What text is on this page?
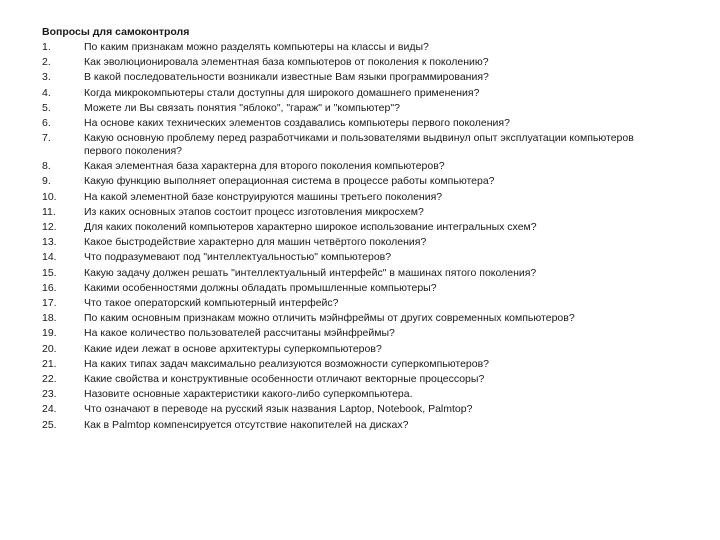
Вопросы для самоконтроля
1.	По каким признакам можно разделять компьютеры на классы и виды?
2.	Как эволюционировала элементная база компьютеров от поколения к поколению?
3.	В какой последовательности возникали известные Вам языки программирования?
4.	Когда микрокомпьютеры стали доступны для широкого домашнего применения?
5.	Можете ли Вы связать понятия "яблоко", "гараж" и "компьютер"?
6.	На основе каких технических элементов создавались компьютеры первого поколения?
7.	Какую основную проблему перед разработчиками и пользователями выдвинул опыт эксплуатации компьютеров первого поколения?
8.	Какая элементная база характерна для второго поколения компьютеров?
9.	Какую функцию выполняет операционная система в процессе работы компьютера?
10.	На какой элементной базе конструируются машины третьего поколения?
11.	Из каких основных этапов состоит процесс изготовления микросхем?
12.	Для каких поколений компьютеров характерно широкое использование интегральных схем?
13.	Какое быстродействие характерно для машин четвёртого поколения?
14.	Что подразумевают под "интеллектуальностью" компьютеров?
15.	Какую задачу должен решать "интеллектуальный интерфейс" в машинах пятого поколения?
16.	Какими особенностями должны обладать промышленные компьютеры?
17.	Что такое операторский компьютерный интерфейс?
18.	По каким основным признакам можно отличить мэйнфреймы от других современных компьютеров?
19.	На какое количество пользователей рассчитаны мэйнфреймы?
20.	Какие идеи лежат в основе архитектуры суперкомпьютеров?
21.	На каких типах задач максимально реализуются возможности суперкомпьютеров?
22.	Какие свойства и конструктивные особенности отличают векторные процессоры?
23.	Назовите основные характеристики какого-либо суперкомпьютера.
24.	Что означают в переводе на русский язык названия Laptop, Notebook, Palmtop?
25.	Как в Palmtop компенсируется отсутствие накопителей на дисках?
